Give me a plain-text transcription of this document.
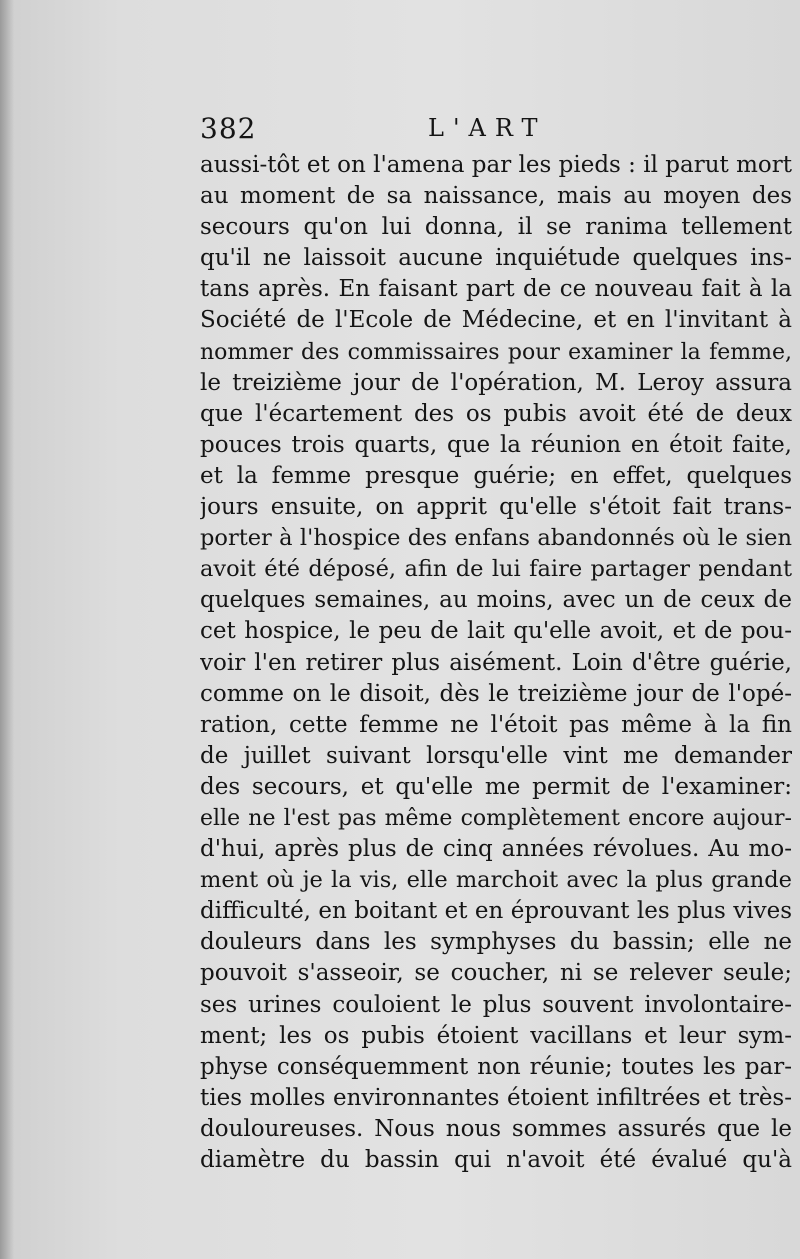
382	L'ART
aussi-tôt et on l'amena par les pieds : il parut mort
au moment de sa naissance, mais au moyen des
secours qu'on lui donna, il se ranima tellement
qu'il ne laissoit aucune inquiétude quelques ins-
tans après. En faisant part de ce nouveau fait à la
Société de l'Ecole de Médecine, et en l'invitant à
nommer des commissaires pour examiner la femme,
le treizième jour de l'opération, M. Leroy assura
que l'écartement des os pubis avoit été de deux
pouces trois quarts, que la réunion en étoit faite,
et la femme presque guérie; en effet, quelques
jours ensuite, on apprit qu'elle s'étoit fait trans-
porter à l'hospice des enfans abandonnés où le sien
avoit été déposé, afin de lui faire partager pendant
quelques semaines, au moins, avec un de ceux de
cet hospice, le peu de lait qu'elle avoit, et de pou-
voir l'en retirer plus aisément. Loin d'être guérie,
comme on le disoit, dès le treizième jour de l'opé-
ration, cette femme ne l'étoit pas même à la fin
de juillet suivant lorsqu'elle vint me demander
des secours, et qu'elle me permit de l'examiner:
elle ne l'est pas même complètement encore aujour-
d'hui, après plus de cinq années révolues. Au mo-
ment où je la vis, elle marchoit avec la plus grande
difficulté, en boitant et en éprouvant les plus vives
douleurs dans les symphyses du bassin; elle ne
pouvoit s'asseoir, se coucher, ni se relever seule;
ses urines couloient le plus souvent involontaire-
ment; les os pubis étoient vacillans et leur sym-
physe conséquemment non réunie; toutes les par-
ties molles environnantes étoient infiltrées et très-
douloureuses. Nous nous sommes assurés que le
diamètre du bassin qui n'avoit été évalué qu'à
